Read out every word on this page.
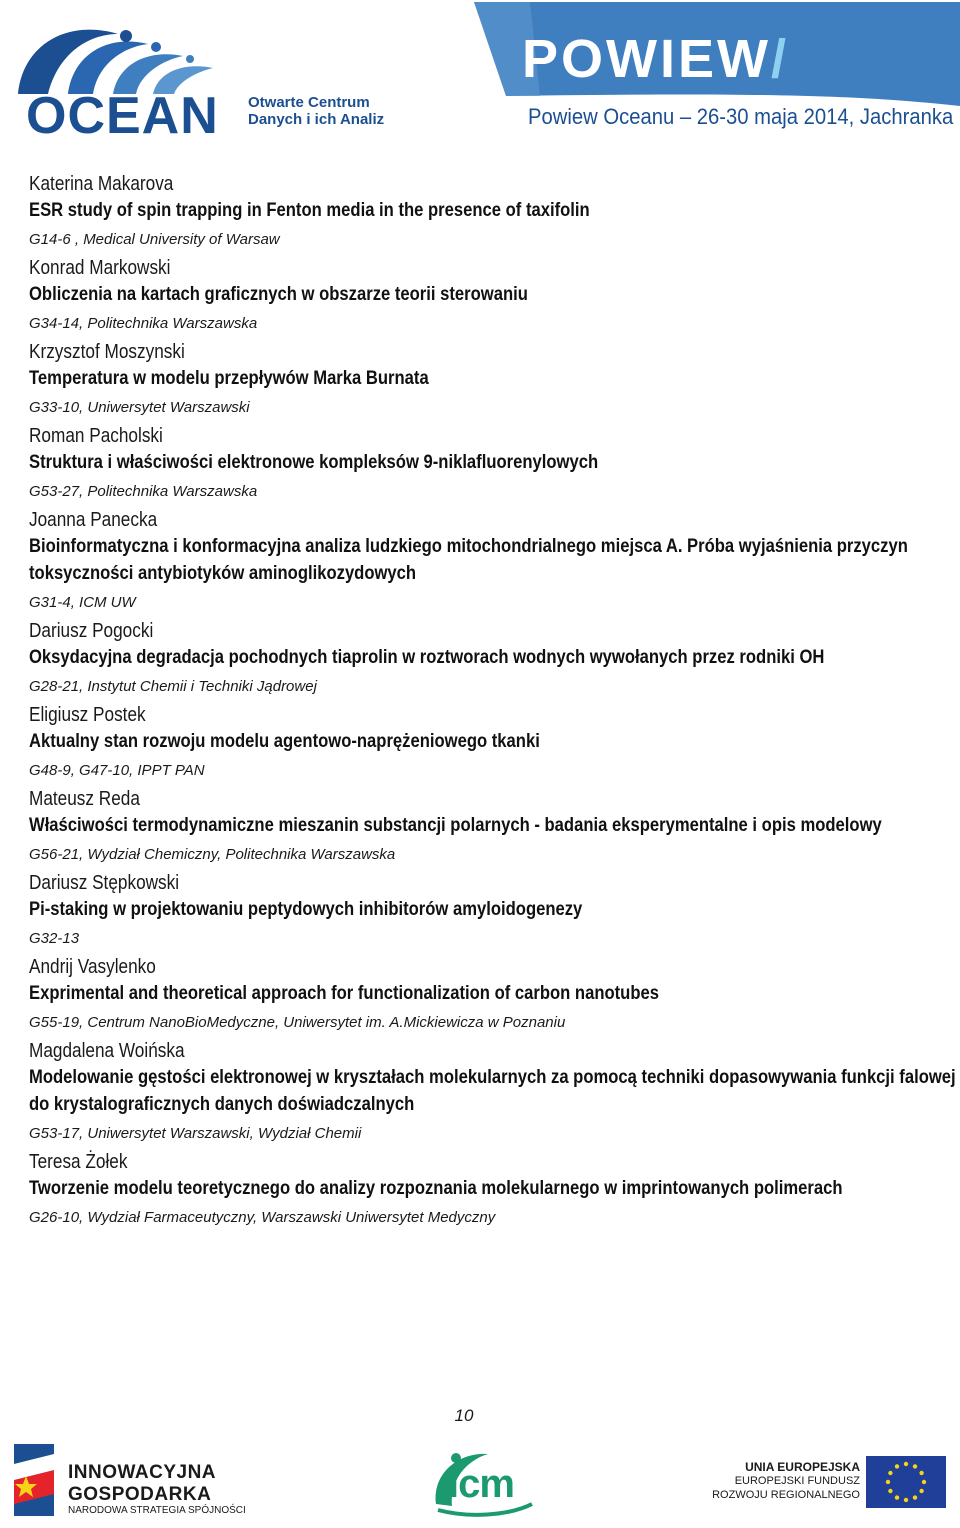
OCEAN Otwarte Centrum
Danych i ich Analiz
POWIEW/
Powiew Oceanu – 26-30 maja 2014, Jachranka
Katerina Makarova
ESR study of spin trapping in Fenton media in the presence of taxifolin
G14-6 , Medical University of Warsaw
Konrad Markowski
Obliczenia na kartach graficznych w obszarze teorii sterowaniu
G34-14, Politechnika Warszawska
Krzysztof Moszynski
Temperatura w modelu przepływów Marka Burnata
G33-10, Uniwersytet Warszawski
Roman Pacholski
Struktura i właściwości elektronowe kompleksów 9-niklafluorenylowych
G53-27, Politechnika Warszawska
Joanna Panecka
Bioinformatyczna i konformacyjna analiza ludzkiego mitochondrialnego miejsca A. Próba wyjaśnienia przyczyn toksyczności antybiotyków aminoglikozydowych
G31-4, ICM UW
Dariusz Pogocki
Oksydacyjna degradacja pochodnych tiaprolin w roztworach wodnych wywołanych przez rodniki OH
G28-21, Instytut Chemii i Techniki Jądrowej
Eligiusz Postek
Aktualny stan rozwoju modelu agentowo-naprężeniowego tkanki
G48-9, G47-10, IPPT PAN
Mateusz Reda
Właściwości termodynamiczne mieszanin substancji polarnych - badania eksperymentalne i opis modelowy
G56-21, Wydział Chemiczny, Politechnika Warszawska
Dariusz Stępkowski
Pi-staking w projektowaniu peptydowych inhibitorów amyloidogenezy
G32-13
Andrij Vasylenko
Exprimental and theoretical approach for functionalization of carbon nanotubes
G55-19, Centrum NanoBioMedyczne, Uniwersytet im. A.Mickiewicza w Poznaniu
Magdalena Woińska
Modelowanie gęstości elektronowej w kryształach molekularnych za pomocą techniki dopasowywania funkcji falowej do krystalograficznych danych doświadczalnych
G53-17, Uniwersytet Warszawski, Wydział Chemii
Teresa Żołek
Tworzenie modelu teoretycznego do analizy rozpoznania molekularnego w imprintowanych polimerach
G26-10, Wydział Farmaceutyczny, Warszawski Uniwersytet Medyczny
10
INNOWACYJNA
GOSPODARKA
NARODOWA STRATEGIA SPÓJNOŚCI
icm	UNIA EUROPEJSKA
EUROPEJSKI FUNDUSZ
ROZWOJU REGIONALNEGO
